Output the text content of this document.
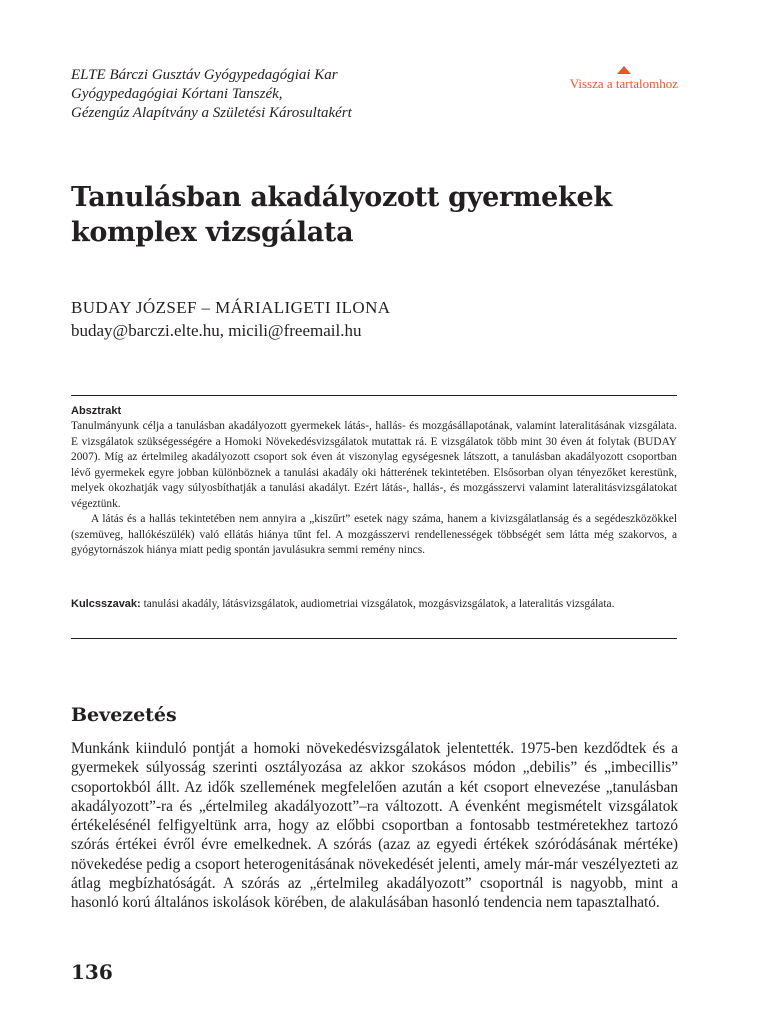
ELTE Bárczi Gusztáv Gyógypedagógiai Kar
Gyógypedagógiai Kórtani Tanszék,
Gézengúz Alapítvány a Születési Károsultakért
Vissza a tartalomhoz
Tanulásban akadályozott gyermekek
komplex vizsgálata
BUDAY JÓZSEF – MÁRIALIGETI ILONA
buday@barczi.elte.hu, micili@freemail.hu
Absztrakt

Tanulmányunk célja a tanulásban akadályozott gyermekek látás-, hallás- és mozgásállapotának, valamint lateralitásának vizsgálata. E vizsgálatok szükségességére a Homoki Növekedésvizsgálatok mutattak rá. E vizsgálatok több mint 30 éven át folytak (BUDAY 2007). Míg az értelmileg akadályozott csoport sok éven át viszonylag egységesnek látszott, a tanulásban akadályozott csoportban lévő gyermekek egyre jobban különböznek a tanulási akadály oki hátterének tekintetében. Elsősorban olyan tényezőket kerestünk, melyek okozhatják vagy súlyosbíthatják a tanulási akadályt. Ezért látás-, hallás-, és mozgásszervi valamint lateralitásvizsgálatokat végeztünk.

A látás és a hallás tekintetében nem annyira a „kiszűrt” esetek nagy száma, hanem a kivizsgálatlanság és a segédeszközökkel (szemüveg, hallókészülék) való ellátás hiánya tűnt fel. A mozgásszervi rendellenességek többségét sem látta még szakorvos, a gyógytornászok hiánya miatt pedig spontán javulásukra semmi remény nincs.

Kulcsszavak: tanulási akadály, látásvizsgálatok, audiometriai vizsgálatok, mozgásvizsgálatok, a lateralitás vizsgálata.
Bevezetés

Munkánk kiinduló pontját a homoki növekedésvizsgálatok jelentették. 1975-ben kezdődtek és a gyermekek súlyosság szerinti osztályozása az akkor szokásos módon „debilis” és „imbecillis” csoportokból állt. Az idők szellemének megfelelően azután a két csoport elnevezése „tanulásban akadályozott”-ra és „értelmileg akadályozott”–ra változott. A évenként megismételt vizsgálatok értékelésénél felfigyeltünk arra, hogy az előbbi csoportban a fontosabb testméretekhez tartozó szórás értékei évről évre emelkednek. A szórás (azaz az egyedi értékek szóródásának mértéke) növekedése pedig a csoport heterogenitásának növekedését jelenti, amely már-már veszélyezteti az átlag megbízhatóságát. A szórás az „értelmileg akadályozott” csoportnál is nagyobb, mint a hasonló korú általános iskolások körében, de alakulásában hasonló tendencia nem tapasztalható.

136
